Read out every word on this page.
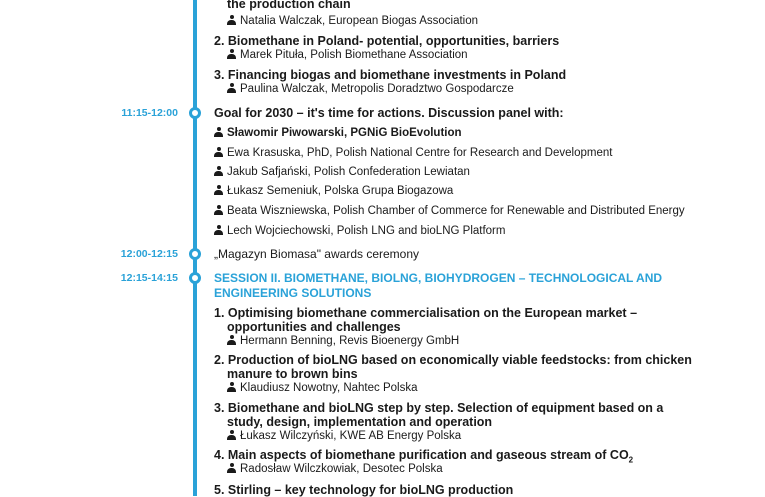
the production chain
Natalia Walczak, European Biogas Association
2. Biomethane in Poland- potential, opportunities, barriers
Marek Pituła, Polish Biomethane Association
3. Financing biogas and biomethane investments in Poland
Paulina Walczak, Metropolis Doradztwo Gospodarcze
11:15-12:00	Goal for 2030 – it's time for actions. Discussion panel with:
Sławomir Piwowarski, PGNiG BioEvolution
Ewa Krasuska, PhD, Polish National Centre for Research and Development
Jakub Safjański, Polish Confederation Lewiatan
Łukasz Semeniuk, Polska Grupa Biogazowa
Beata Wiszniewska, Polish Chamber of Commerce for Renewable and Distributed Energy
Lech Wojciechowski, Polish LNG and bioLNG Platform
12:00-12:15	„Magazyn Biomasa" awards ceremony
12:15-14:15	SESSION II. BIOMETHANE, BIOLNG, BIOHYDROGEN – TECHNOLOGICAL AND
ENGINEERING SOLUTIONS
1. Optimising biomethane commercialisation on the European market –
opportunities and challenges
Hermann Benning, Revis Bioenergy GmbH
2. Production of bioLNG based on economically viable feedstocks: from chicken
manure to brown bins
Klaudiusz Nowotny, Nahtec Polska
3. Biomethane and bioLNG step by step. Selection of equipment based on a
study, design, implementation and operation
Łukasz Wilczyński, KWE AB Energy Polska
4. Main aspects of biomethane purification and gaseous stream of $CO_2$
Radosław Wilczkowiak, Desotec Polska
5. Stirling – key technology for bioLNG production
